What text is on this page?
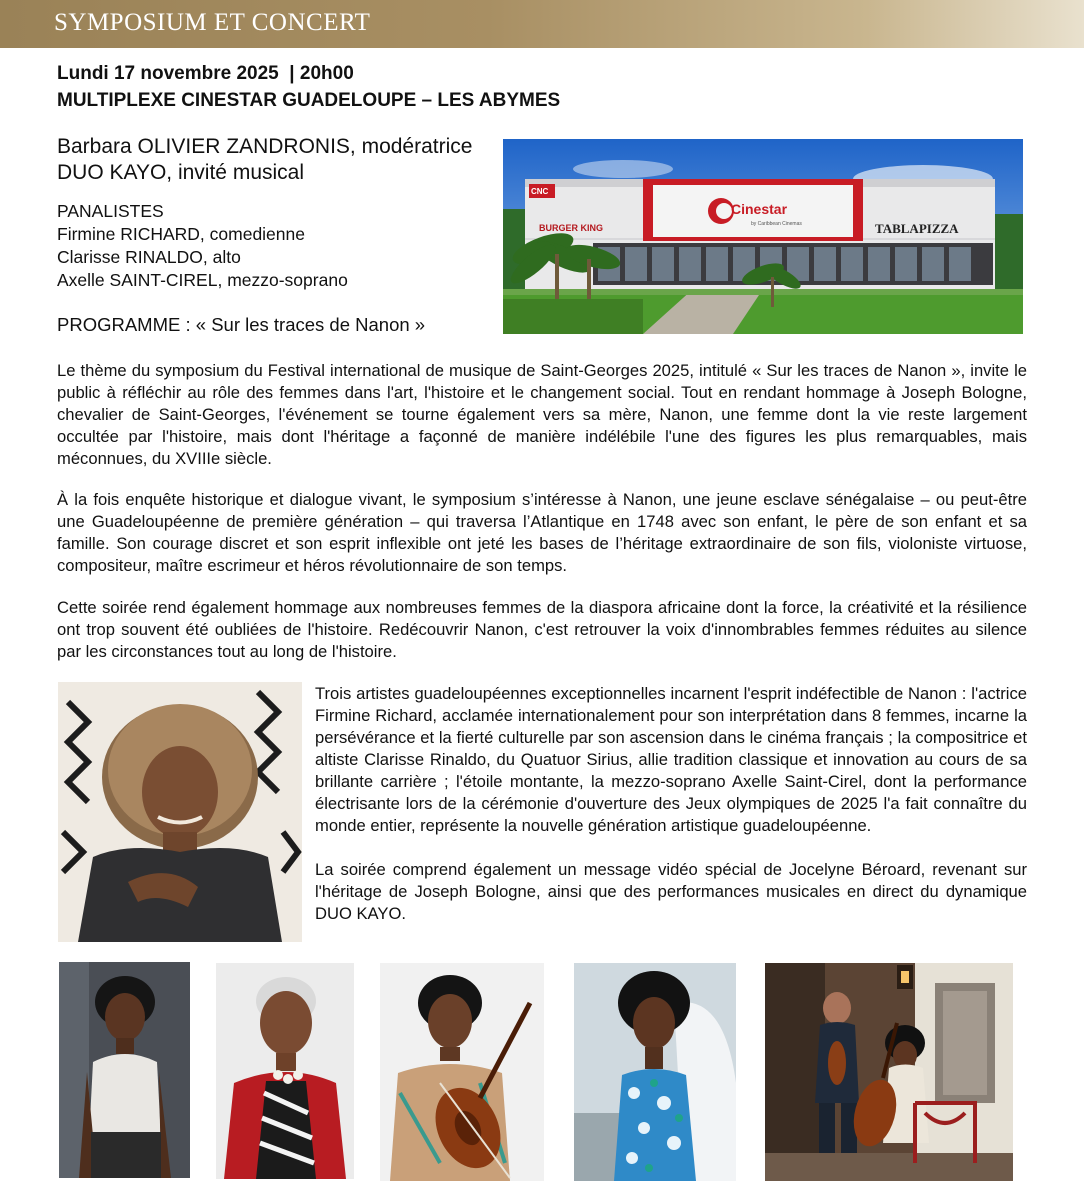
SYMPOSIUM ET CONCERT
Lundi 17 novembre 2025  | 20h00
MULTIPLEXE CINESTAR GUADELOUPE – LES ABYMES
Barbara OLIVIER ZANDRONIS, modératrice
DUO KAYO, invité musical
PANALISTES
Firmine RICHARD, comedienne
Clarisse RINALDO, alto
Axelle SAINT-CIREL, mezzo-soprano
PROGRAMME : « Sur les traces de Nanon »
Cinestar
by Caribbean Cinemas
CNC
BURGER KING	TABLAPIZZA

Le thème du symposium du Festival international de musique de Saint-Georges 2025, intitulé « Sur les traces de Nanon », invite le public à réfléchir au rôle des femmes dans l'art, l'histoire et le changement social. Tout en rendant hommage à Joseph Bologne, chevalier de Saint-Georges, l'événement se tourne également vers sa mère, Nanon, une femme dont la vie reste largement occultée par l'histoire, mais dont l'héritage a façonné de manière indélébile l'une des figures les plus remarquables, mais méconnues, du XVIIIe siècle.

À la fois enquête historique et dialogue vivant, le symposium s’intéresse à Nanon, une jeune esclave sénégalaise – ou peut-être une Guadeloupéenne de première génération – qui traversa l’Atlantique en 1748 avec son enfant, le père de son enfant et sa famille. Son courage discret et son esprit inflexible ont jeté les bases de l’héritage extraordinaire de son fils, violoniste virtuose, compositeur, maître escrimeur et héros révolutionnaire de son temps.

Cette soirée rend également hommage aux nombreuses femmes de la diaspora africaine dont la force, la créativité et la résilience ont trop souvent été oubliées de l'histoire. Redécouvrir Nanon, c'est retrouver la voix d'innombrables femmes réduites au silence par les circonstances tout au long de l'histoire.

Trois artistes guadeloupéennes exceptionnelles incarnent l'esprit indéfectible de Nanon : l'actrice Firmine Richard, acclamée internationalement pour son interprétation dans 8 femmes, incarne la persévérance et la fierté culturelle par son ascension dans le cinéma français ; la compositrice et altiste Clarisse Rinaldo, du Quatuor Sirius, allie tradition classique et innovation au cours de sa brillante carrière ; l'étoile montante, la mezzo-soprano Axelle Saint-Cirel, dont la performance électrisante lors de la cérémonie d'ouverture des Jeux olympiques de 2025 l'a fait connaître du monde entier, représente la nouvelle génération artistique guadeloupéenne.

La soirée comprend également un message vidéo spécial de Jocelyne Béroard, revenant sur l'héritage de Joseph Bologne, ainsi que des performances musicales en direct du dynamique DUO KAYO.
